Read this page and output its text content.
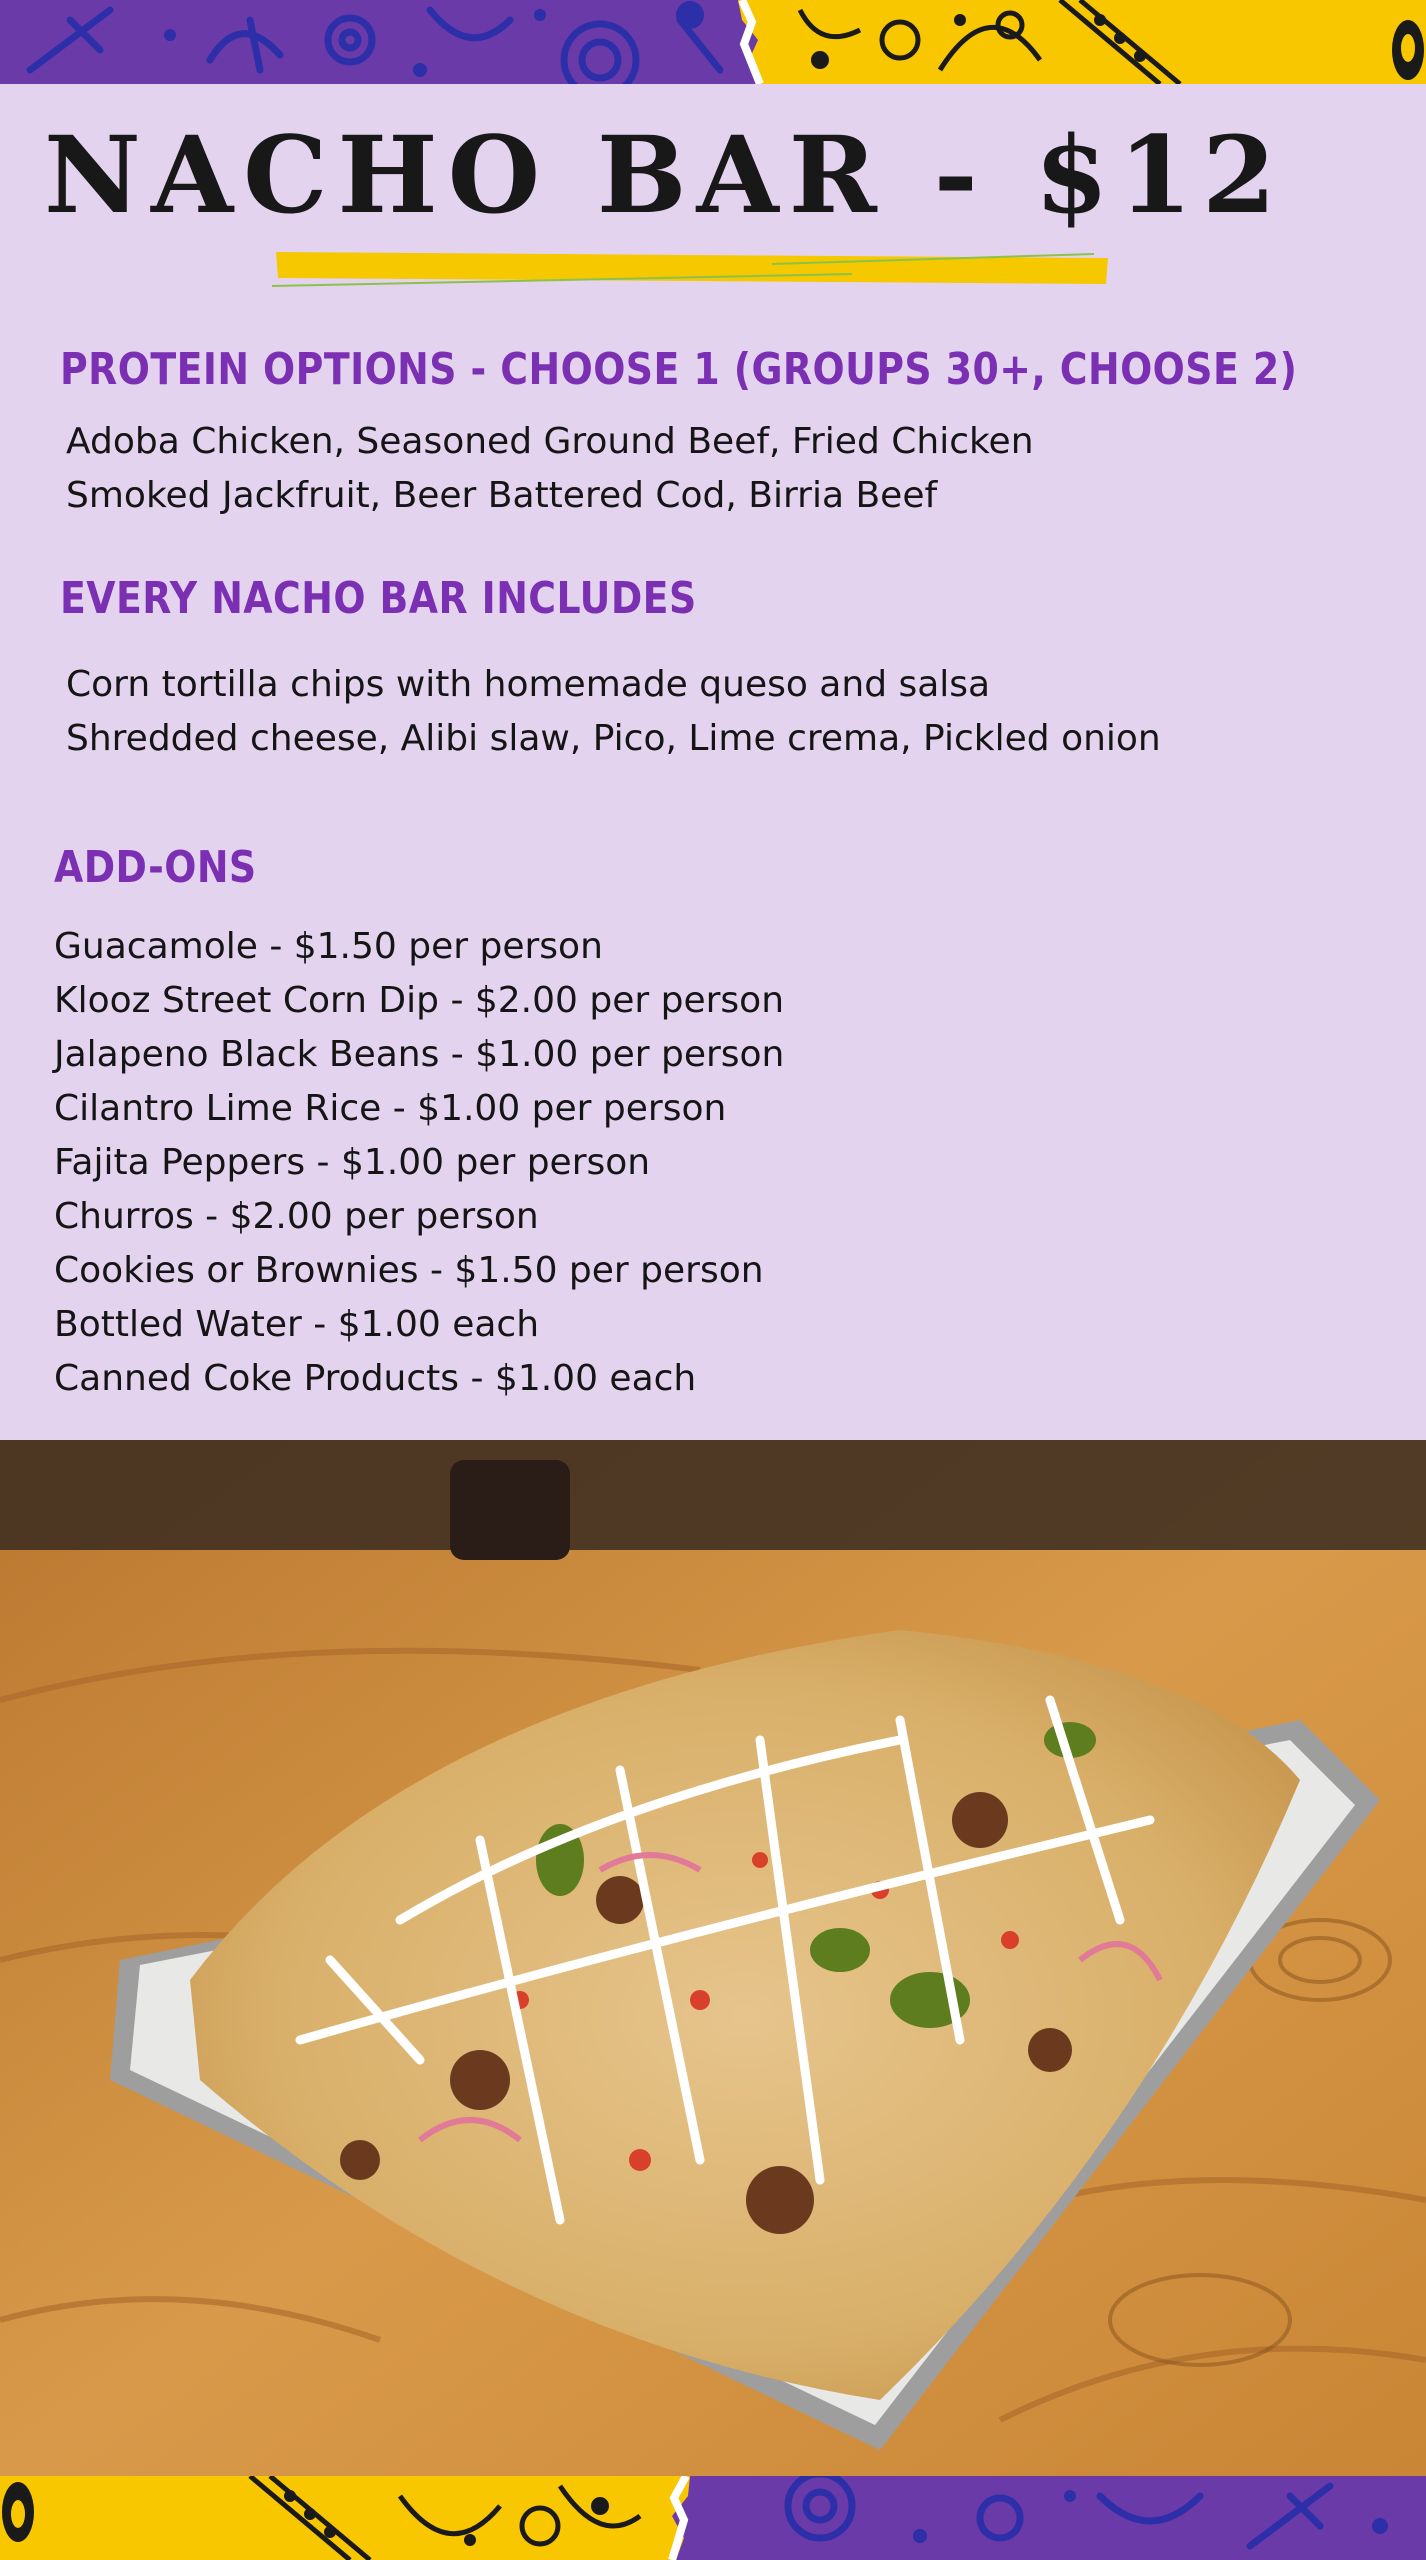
NACHO BAR - $12
PROTEIN OPTIONS - CHOOSE 1 (GROUPS 30+, CHOOSE 2)
Adoba Chicken, Seasoned Ground Beef, Fried Chicken
Smoked Jackfruit, Beer Battered Cod, Birria Beef
EVERY NACHO BAR INCLUDES
Corn tortilla chips with homemade queso and salsa
Shredded cheese, Alibi slaw, Pico, Lime crema, Pickled onion
ADD-ONS
Guacamole - $1.50 per person
Klooz Street Corn Dip - $2.00 per person
Jalapeno Black Beans - $1.00 per person
Cilantro Lime Rice - $1.00 per person
Fajita Peppers - $1.00 per person
Churros - $2.00 per person
Cookies or Brownies - $1.50 per person
Bottled Water - $1.00 each
Canned Coke Products - $1.00 each
